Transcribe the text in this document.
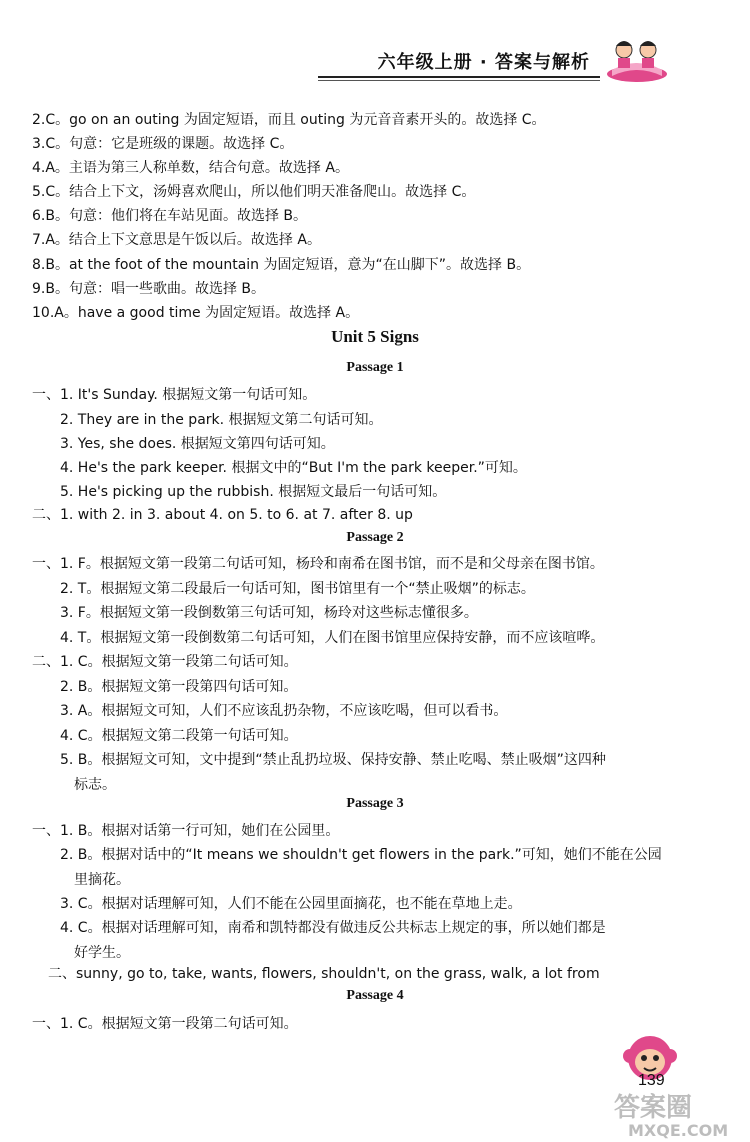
六年级上册 · 答案与解析
2.C。go on an outing 为固定短语，而且 outing 为元音音素开头的。故选择 C。
3.C。句意：它是班级的课题。故选择 C。
4.A。主语为第三人称单数，结合句意。故选择 A。
5.C。结合上下文，汤姆喜欢爬山，所以他们明天准备爬山。故选择 C。
6.B。句意：他们将在车站见面。故选择 B。
7.A。结合上下文意思是午饭以后。故选择 A。
8.B。at the foot of the mountain 为固定短语，意为“在山脚下”。故选择 B。
9.B。句意：唱一些歌曲。故选择 B。
10.A。have a good time 为固定短语。故选择 A。
Unit 5 Signs
Passage 1
一、1. It's Sunday. 根据短文第一句话可知。
2. They are in the park. 根据短文第二句话可知。
3. Yes, she does. 根据短文第四句话可知。
4. He's the park keeper. 根据文中的“But I'm the park keeper.”可知。
5. He's picking up the rubbish. 根据短文最后一句话可知。
二、1. with 2. in 3. about 4. on 5. to 6. at 7. after 8. up
Passage 2
一、1. F。根据短文第一段第二句话可知，杨玲和南希在图书馆，而不是和父母亲在图书馆。
2. T。根据短文第二段最后一句话可知，图书馆里有一个“禁止吸烟”的标志。
3. F。根据短文第一段倒数第三句话可知，杨玲对这些标志懂很多。
4. T。根据短文第一段倒数第二句话可知，人们在图书馆里应保持安静，而不应该喧哗。
二、1. C。根据短文第一段第二句话可知。
2. B。根据短文第一段第四句话可知。
3. A。根据短文可知，人们不应该乱扔杂物，不应该吃喝，但可以看书。
4. C。根据短文第二段第一句话可知。
5. B。根据短文可知，文中提到“禁止乱扔垃圾、保持安静、禁止吃喝、禁止吸烟”这四种
标志。
Passage 3
一、1. B。根据对话第一行可知，她们在公园里。
2. B。根据对话中的“It means we shouldn't get flowers in the park.”可知，她们不能在公园
里摘花。
3. C。根据对话理解可知，人们不能在公园里面摘花，也不能在草地上走。
4. C。根据对话理解可知，南希和凯特都没有做违反公共标志上规定的事，所以她们都是
好学生。
二、sunny, go to, take, wants, flowers, shouldn't, on the grass, walk, a lot from
Passage 4
一、1. C。根据短文第一段第二句话可知。
139
答案圈
MXQE.COM
